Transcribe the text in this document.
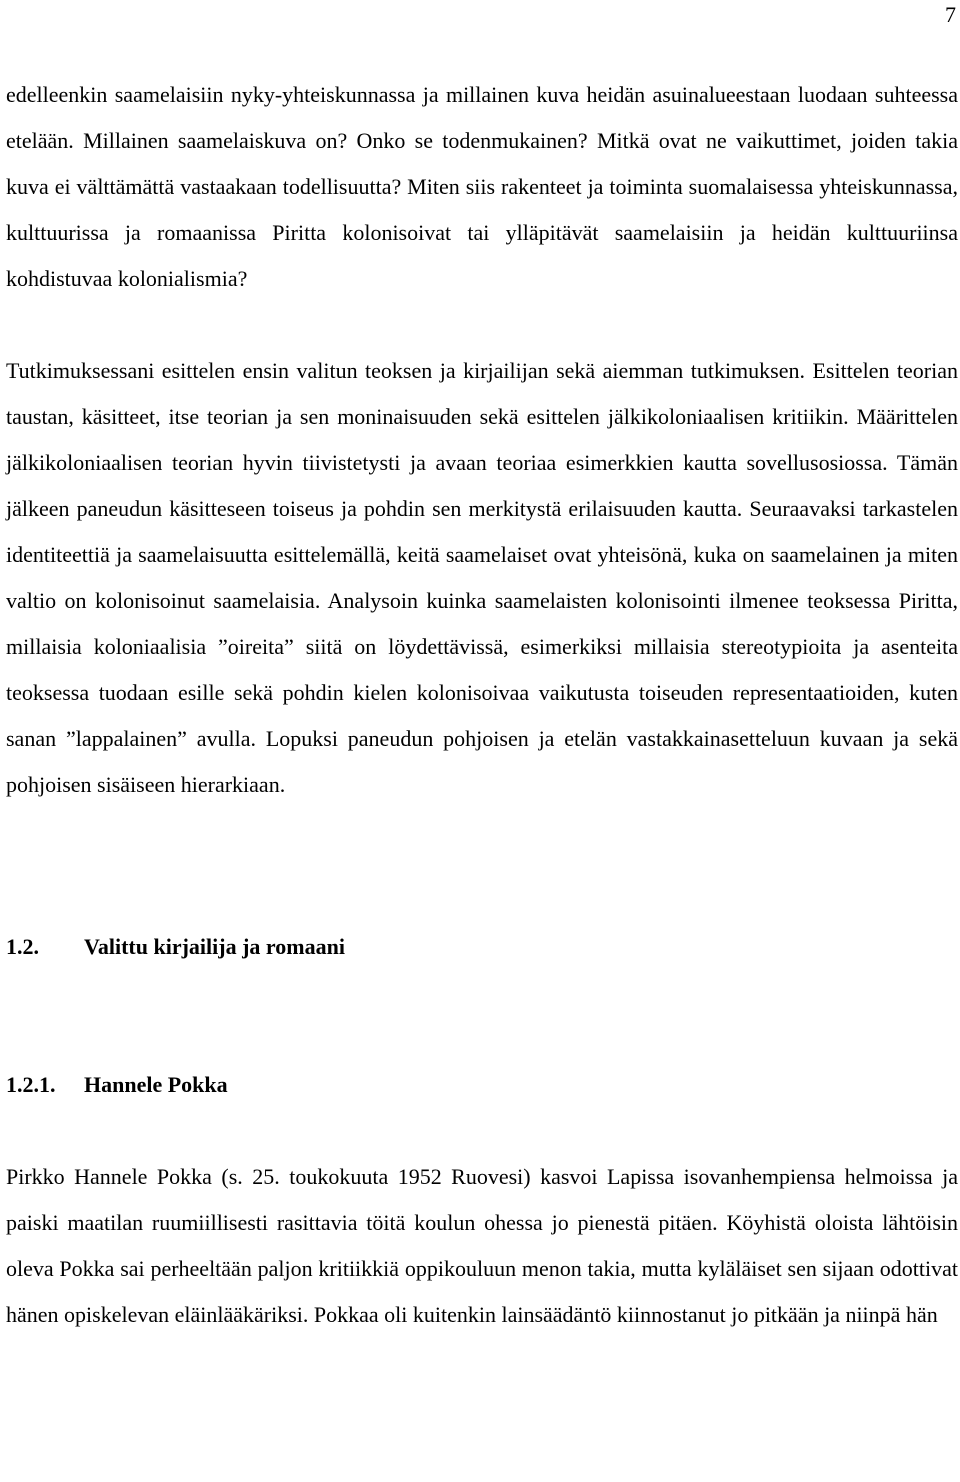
7

edelleenkin saamelaisiin nyky-yhteiskunnassa ja millainen kuva heidän asuinalueestaan luodaan suhteessa etelään. Millainen saamelaiskuva on? Onko se todenmukainen? Mitkä ovat ne vaikuttimet, joiden takia kuva ei välttämättä vastaakaan todellisuutta? Miten siis rakenteet ja toiminta suomalaisessa yhteiskunnassa, kulttuurissa ja romaanissa Piritta kolonisoivat tai ylläpitävät saamelaisiin ja heidän kulttuuriinsa kohdistuvaa kolonialismia?

Tutkimuksessani esittelen ensin valitun teoksen ja kirjailijan sekä aiemman tutkimuksen. Esittelen teorian taustan, käsitteet, itse teorian ja sen moninaisuuden sekä esittelen jälkikoloniaalisen kritiikin. Määrittelen jälkikoloniaalisen teorian hyvin tiivistetysti ja avaan teoriaa esimerkkien kautta sovellusosiossa. Tämän jälkeen paneudun käsitteseen toiseus ja pohdin sen merkitystä erilaisuuden kautta. Seuraavaksi tarkastelen identiteettiä ja saamelaisuutta esittelemällä, keitä saamelaiset ovat yhteisönä, kuka on saamelainen ja miten valtio on kolonisoinut saamelaisia. Analysoin kuinka saamelaisten kolonisointi ilmenee teoksessa Piritta, millaisia koloniaalisia ”oireita” siitä on löydettävissä, esimerkiksi millaisia stereotypioita ja asenteita teoksessa tuodaan esille sekä pohdin kielen kolonisoivaa vaikutusta toiseuden representaatioiden, kuten sanan ”lappalainen” avulla. Lopuksi paneudun pohjoisen ja etelän vastakkainasetteluun kuvaan ja sekä pohjoisen sisäiseen hierarkiaan.

1.2.	Valittu kirjailija ja romaani
1.2.1.	Hannele Pokka

Pirkko Hannele Pokka (s. 25. toukokuuta 1952 Ruovesi) kasvoi Lapissa isovanhempiensa helmoissa ja paiski maatilan ruumiillisesti rasittavia töitä koulun ohessa jo pienestä pitäen. Köyhistä oloista lähtöisin oleva Pokka sai perheeltään paljon kritiikkiä oppikouluun menon takia, mutta kyläläiset sen sijaan odottivat hänen opiskelevan eläinlääkäriksi. Pokkaa oli kuitenkin lainsäädäntö kiinnostanut jo pitkään ja niinpä hän
